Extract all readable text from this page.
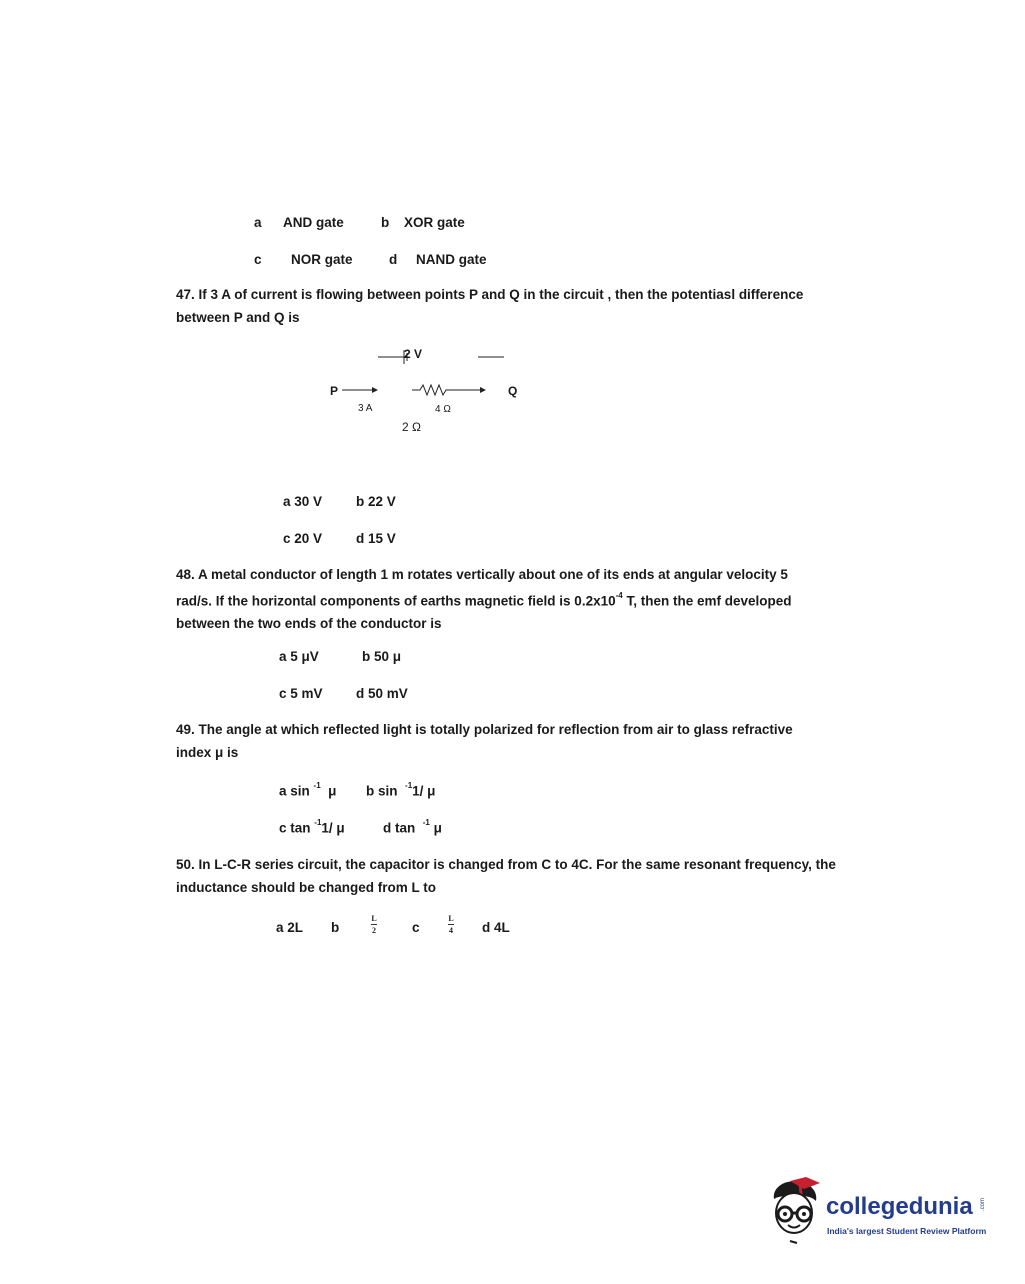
a AND gate	b XOR gate
c NOR gate	d NAND gate
47. If 3 A of current is flowing between points P and Q in the circuit , then the potentiasl difference between P and Q is
2 V
P	Q
3 A	4 Ω
2 Ω
a 30 V	b 22 V
c 20 V	d 15 V
48. A metal conductor of length 1 m rotates vertically about one of its ends at angular velocity 5
rad/s. If the horizontal components of earths magnetic field is $0.2x10^{-4}$ T, then the emf developed
between the two ends of the conductor is
a 5 μV	b 50 μ
c 5 mV d 50 mV
49. The angle at which reflected light is totally polarized for reflection from air to glass refractive
index μ is
a sin $^{-1}$ μ b sin $^{-1}$1/ μ
c tan $^{-1}$1/ μ	d tan $^{-1}$ μ
50. In L-C-R series circuit, the capacitor is changed from C to 4C. For the same resonant frequency, the inductance should be changed from L to
a 2L b
L
2	c
L
4 d 4L
collegedunia .com
India's largest Student Review Platform
